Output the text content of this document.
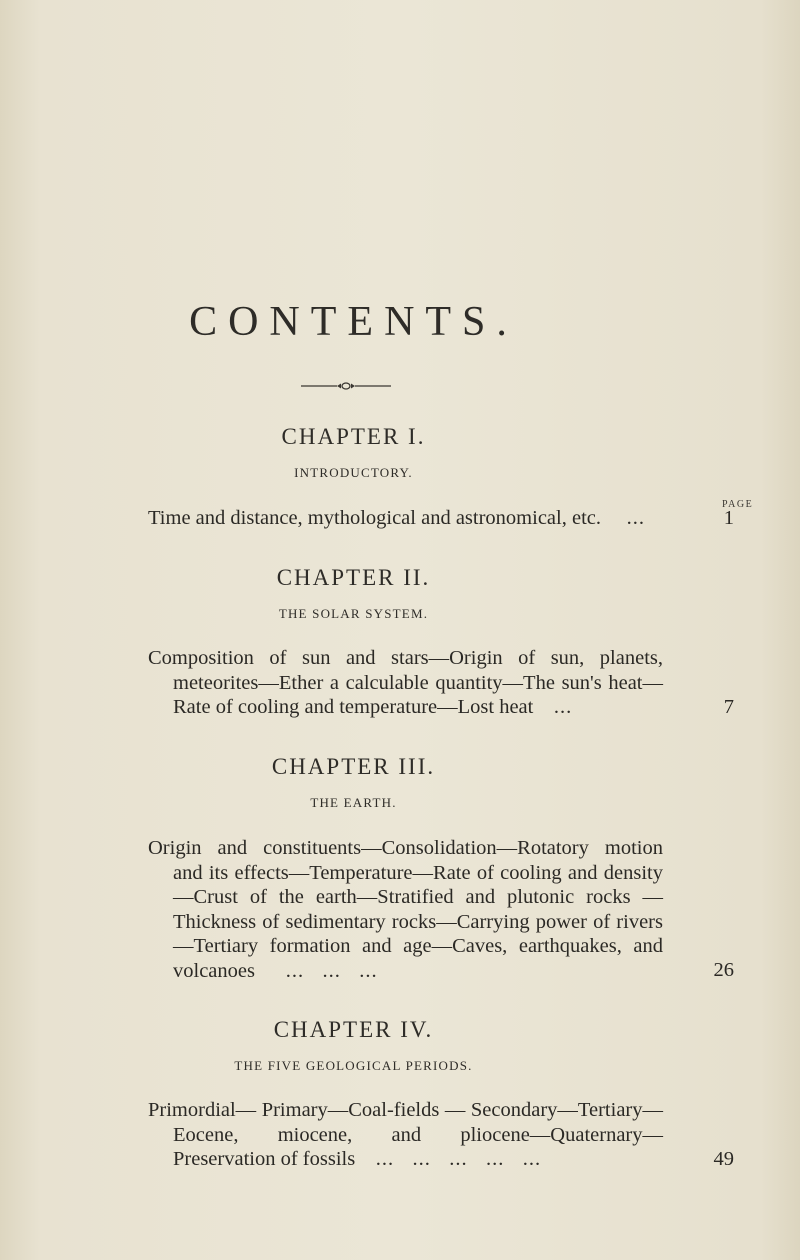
CONTENTS.
CHAPTER I.
INTRODUCTORY.
PAGE

Time and distance, mythological and astronomical, etc. ...	1
CHAPTER II.
THE SOLAR SYSTEM.

Composition of sun and stars—Origin of sun, planets, meteorites—Ether a calculable quantity—The sun's heat—Rate of cooling and temperature—Lost heat ...	7
CHAPTER III.
THE EARTH.

Origin and constituents—Consolidation—Rotatory motion and its effects—Temperature—Rate of cooling and density—Crust of the earth—Stratified and plutonic rocks — Thickness of sedimentary rocks—Carrying power of rivers—Tertiary formation and age—Caves, earthquakes, and volcanoes ...   ...   ...	26
CHAPTER IV.
THE FIVE GEOLOGICAL PERIODS.

Primordial— Primary—Coal-fields — Secondary—Tertiary—Eocene, miocene, and pliocene—Quaternary—Preservation of fossils ...   ...   ...   ...   ...	49
